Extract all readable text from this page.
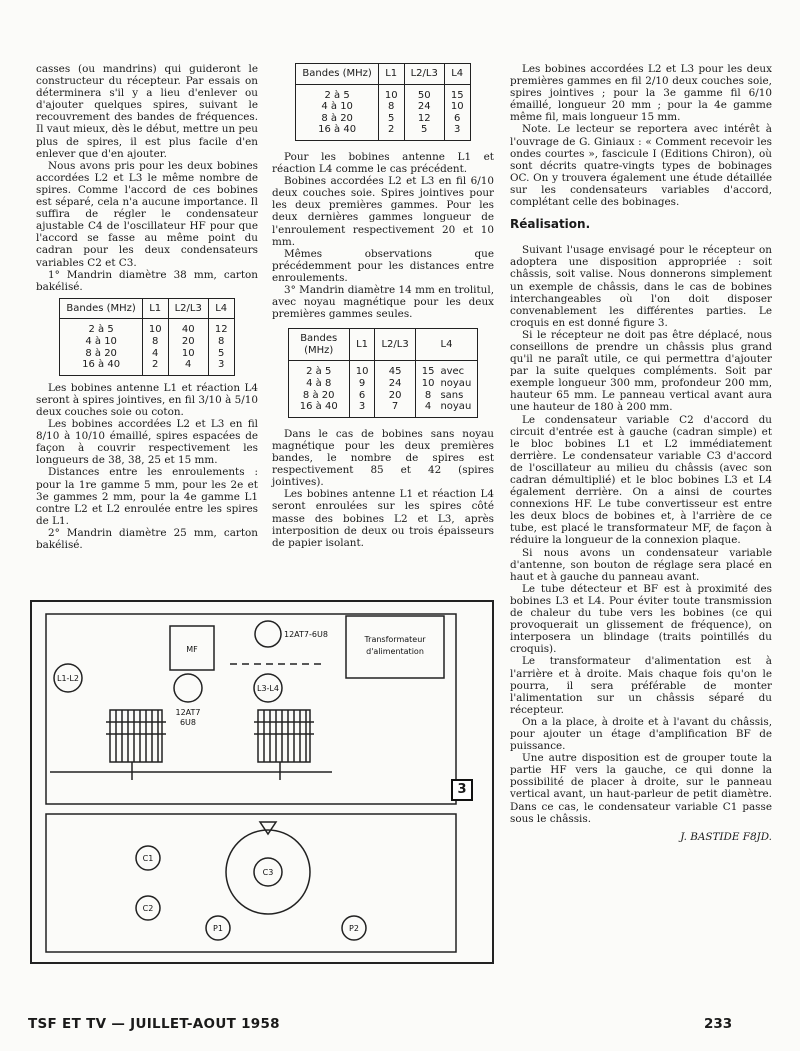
casses (ou mandrins) qui guideront le constructeur du récepteur. Par essais on déterminera s'il y a lieu d'enlever ou d'ajouter quelques spires, suivant le recouvrement des bandes de fréquences. Il vaut mieux, dès le début, mettre un peu plus de spires, il est plus facile d'en enlever que d'en ajouter.

Nous avons pris pour les deux bobines accordées L2 et L3 le même nombre de spires. Comme l'accord de ces bobines est séparé, cela n'a aucune importance. Il suffira de régler le condensateur ajustable C4 de l'oscillateur HF pour que l'accord se fasse au même point du cadran pour les deux condensateurs variables C2 et C3.

1° Mandrin diamètre 38 mm, carton bakélisé.

Bandes (MHz)	L1	L2/L3	L4
2 à 5	10	40	12
4 à 10	8	20	8
8 à 20	4	10	5
16 à 40	2	4	3

Les bobines antenne L1 et réaction L4 seront à spires jointives, en fil 3/10 à 5/10 deux couches soie ou coton.

Les bobines accordées L2 et L3 en fil 8/10 à 10/10 émaillé, spires espacées de façon à couvrir respectivement les longueurs de 38, 38, 25 et 15 mm.

Distances entre les enroulements : pour la 1re gamme 5 mm, pour les 2e et 3e gammes 2 mm, pour la 4e gamme L1 contre L2 et L2 enroulée entre les spires de L1.

2° Mandrin diamètre 25 mm, carton bakélisé.

Bandes (MHz)	L1	L2/L3	L4
2 à 5	10	50	15
4 à 10	8	24	10
8 à 20	5	12	6
16 à 40	2	5	3

Pour les bobines antenne L1 et réaction L4 comme le cas précédent.

Bobines accordées L2 et L3 en fil 6/10 deux couches soie. Spires jointives pour les deux premières gammes. Pour les deux dernières gammes longueur de l'enroulement respectivement 20 et 10 mm.

Mêmes observations que précédemment pour les distances entre enroulements.

3° Mandrin diamètre 14 mm en trolitul, avec noyau magnétique pour les deux premières gammes seules.

Bandes (MHz)	L1	L2/L3	L4	
2 à 5	10	45	15	avec
4 à 8	9	24	10	noyau
8 à 20	6	20	8	sans
16 à 40	3	7	4	noyau

Dans le cas de bobines sans noyau magnétique pour les deux premières bandes, le nombre de spires est respectivement 85 et 42 (spires jointives).

Les bobines antenne L1 et réaction L4 seront enroulées sur les spires côté masse des bobines L2 et L3, après interposition de deux ou trois épaisseurs de papier isolant.

Les bobines accordées L2 et L3 pour les deux premières gammes en fil 2/10 deux couches soie, spires jointives ; pour la 3e gamme fil 6/10 émaillé, longueur 20 mm ; pour la 4e gamme même fil, mais longueur 15 mm.

Note. Le lecteur se reportera avec intérêt à l'ouvrage de G. Giniaux : « Comment recevoir les ondes courtes », fascicule I (Editions Chiron), où sont décrits quatre-vingts types de bobinages OC. On y trouvera également une étude détaillée sur les condensateurs variables d'accord, complétant celle des bobinages.

Réalisation.

Suivant l'usage envisagé pour le récepteur on adoptera une disposition appropriée : soit châssis, soit valise. Nous donnerons simplement un exemple de châssis, dans le cas de bobines interchangeables où l'on doit disposer convenablement les différentes parties. Le croquis en est donné figure 3.

Si le récepteur ne doit pas être déplacé, nous conseillons de prendre un châssis plus grand qu'il ne paraît utile, ce qui permettra d'ajouter par la suite quelques compléments. Soit par exemple longueur 300 mm, profondeur 200 mm, hauteur 65 mm. Le panneau vertical avant aura une hauteur de 180 à 200 mm.

Le condensateur variable C2 d'accord du circuit d'entrée est à gauche (cadran simple) et le bloc bobines L1 et L2 immédiatement derrière. Le condensateur variable C3 d'accord de l'oscillateur au milieu du châssis (avec son cadran démultiplié) et le bloc bobines L3 et L4 également derrière. On a ainsi de courtes connexions HF. Le tube convertisseur est entre les deux blocs de bobines et, à l'arrière de ce tube, est placé le transformateur MF, de façon à réduire la longueur de la connexion plaque.

Si nous avons un condensateur variable d'antenne, son bouton de réglage sera placé en haut et à gauche du panneau avant.

Le tube détecteur et BF est à proximité des bobines L3 et L4. Pour éviter toute transmission de chaleur du tube vers les bobines (ce qui provoquerait un glissement de fréquence), on interposera un blindage (traits pointillés du croquis).

Le transformateur d'alimentation est à l'arrière et à droite. Mais chaque fois qu'on le pourra, il sera préférable de monter l'alimentation sur un châssis séparé du récepteur.

On a la place, à droite et à l'avant du châssis, pour ajouter un étage d'amplification BF de puissance.

Une autre disposition est de grouper toute la partie HF vers la gauche, ce qui donne la possibilité de placer à droite, sur le panneau vertical avant, un haut-parleur de petit diamètre. Dans ce cas, le condensateur variable C1 passe sous le châssis.

J. BASTIDE F8JD.
MF
12AT7-6U8
Transformateur
d'alimentation
L1-L2
L3-L4
12AT7
6U8
C1
C2
C3
P1	P2
3
TSF ET TV — JUILLET-AOUT 1958	233
